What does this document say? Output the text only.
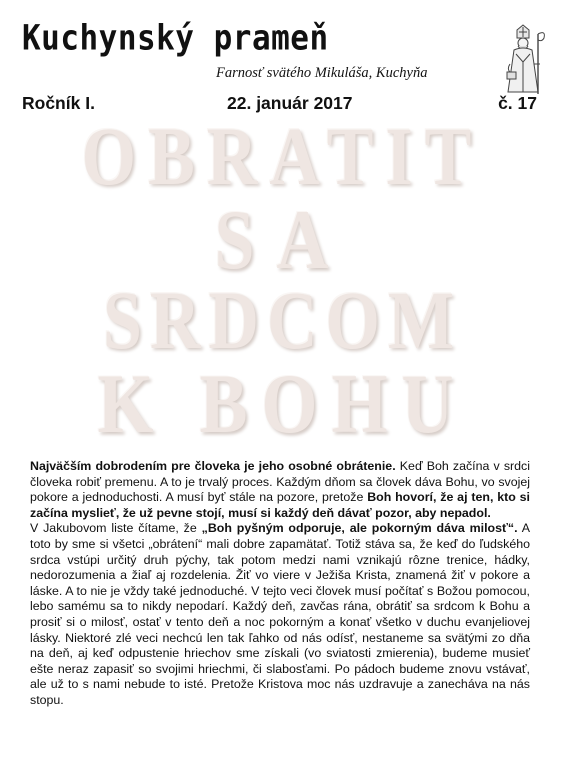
Kuchynský prameň
Farnosť svätého Mikuláša, Kuchyňa
Ročník I.	22. január 2017	č. 17
OBRATIT
SA
SRDCOM
K BOHU

Najväčším dobrodením pre človeka je jeho osobné obrátenie. Keď Boh začína v srdci človeka robiť premenu. A to je trvalý proces. Každým dňom sa človek dáva Bohu, vo svojej pokore a jednoduchosti. A musí byť stále na pozore, pretože Boh hovorí, že aj ten, kto si začína myslieť, že už pevne stojí, musí si každý deň dávať pozor, aby nepadol.

V Jakubovom liste čítame, že „Boh pyšným odporuje, ale pokorným dáva milosť“. A toto by sme si všetci „obrátení“ mali dobre zapamätať. Totiž stáva sa, že keď do ľudského srdca vstúpi určitý druh pýchy, tak potom medzi nami vznikajú rôzne trenice, hádky, nedorozumenia a žiaľ aj rozdelenia. Žiť vo viere v Ježiša Krista, znamená žiť v pokore a láske. A to nie je vždy také jednoduché. V tejto veci človek musí počítať s Božou pomocou, lebo samému sa to nikdy nepodarí. Každý deň, zavčas rána, obrátiť sa srdcom k Bohu a prosiť si o milosť, ostať v tento deň a noc pokorným a konať všetko v duchu evanjeliovej lásky. Niektoré zlé veci nechcú len tak ľahko od nás odísť, nestaneme sa svätými zo dňa na deň, aj keď odpustenie hriechov sme získali (vo sviatosti zmierenia), budeme musieť ešte neraz zapasiť so svojimi hriechmi, či slabosťami. Po pádoch budeme znovu vstávať, ale už to s nami nebude to isté. Pretože Kristova moc nás uzdravuje a zanecháva na nás stopu.
